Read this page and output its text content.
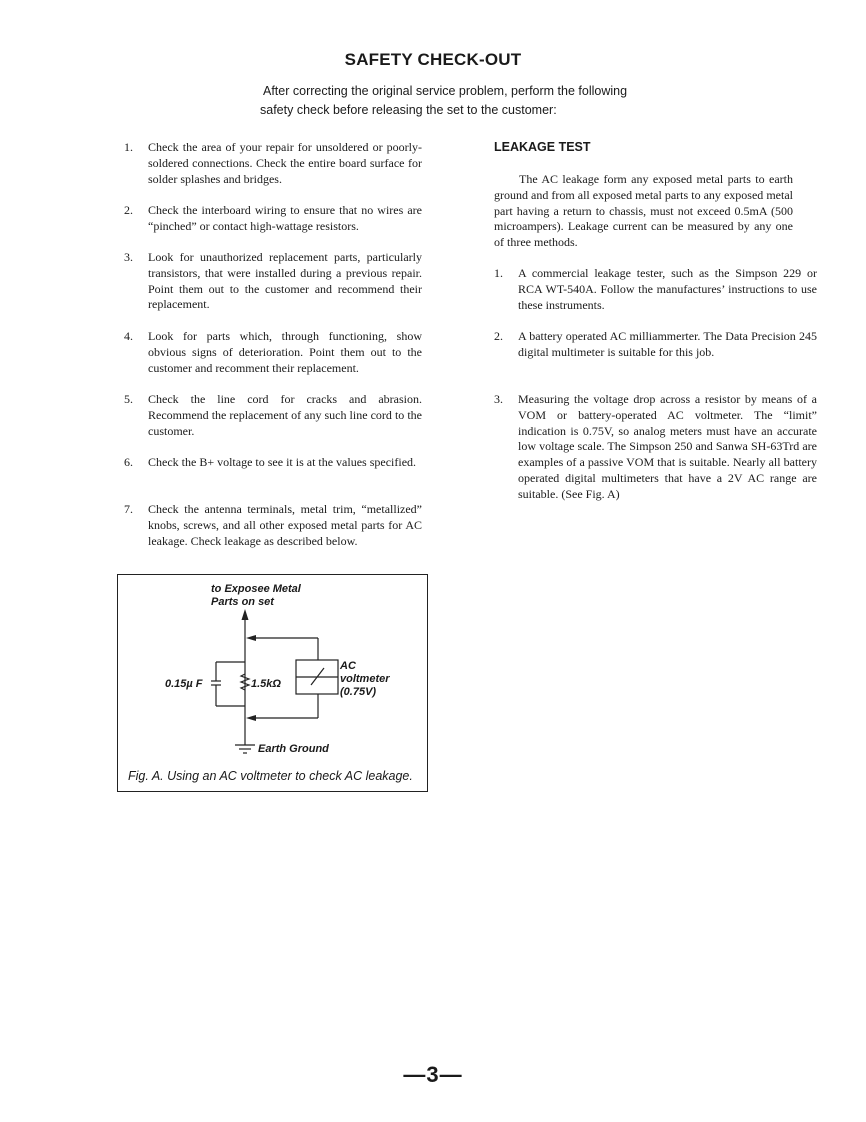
SAFETY CHECK-OUT
After correcting the original service problem, perform the following
safety check before releasing the set to the customer:
1. Check the area of your repair for unsoldered or poorly-soldered connections. Check the entire board surface for solder splashes and bridges.
2. Check the interboard wiring to ensure that no wires are “pinched” or contact high-wattage resistors.
3. Look for unauthorized replacement parts, particularly transistors, that were installed during a previous repair. Point them out to the customer and recommend their replacement.
4. Look for parts which, through functioning, show obvious signs of deterioration. Point them out to the customer and recomment their replacement.
5. Check the line cord for cracks and abrasion. Recommend the replacement of any such line cord to the customer.
6. Check the B+ voltage to see it is at the values specified.
7. Check the antenna terminals, metal trim, “metallized” knobs, screws, and all other exposed metal parts for AC leakage. Check leakage as described below.
LEAKAGE TEST
The AC leakage form any exposed metal parts to earth ground and from all exposed metal parts to any exposed metal part having a return to chassis, must not exceed 0.5mA (500 microampers). Leakage current can be measured by any one of three methods.
1. A commercial leakage tester, such as the Simpson 229 or RCA WT-540A. Follow the manufactures’ instructions to use these instruments.
2. A battery operated AC milliammerter. The Data Precision 245 digital multimeter is suitable for this job.
3. Measuring the voltage drop across a resistor by means of a VOM or battery-operated AC voltmeter. The “limit” indication is 0.75V, so analog meters must have an accurate low voltage scale. The Simpson 250 and Sanwa SH-63Trd are examples of a passive VOM that is suitable. Nearly all battery operated digital multimeters that have a 2V AC range are suitable. (See Fig. A)
to Exposee Metal
Parts on set
0.15µ F	1.5kΩ
AC
voltmeter
(0.75V)
Earth Ground
Fig. A. Using an AC voltmeter to check AC leakage.
—3—
